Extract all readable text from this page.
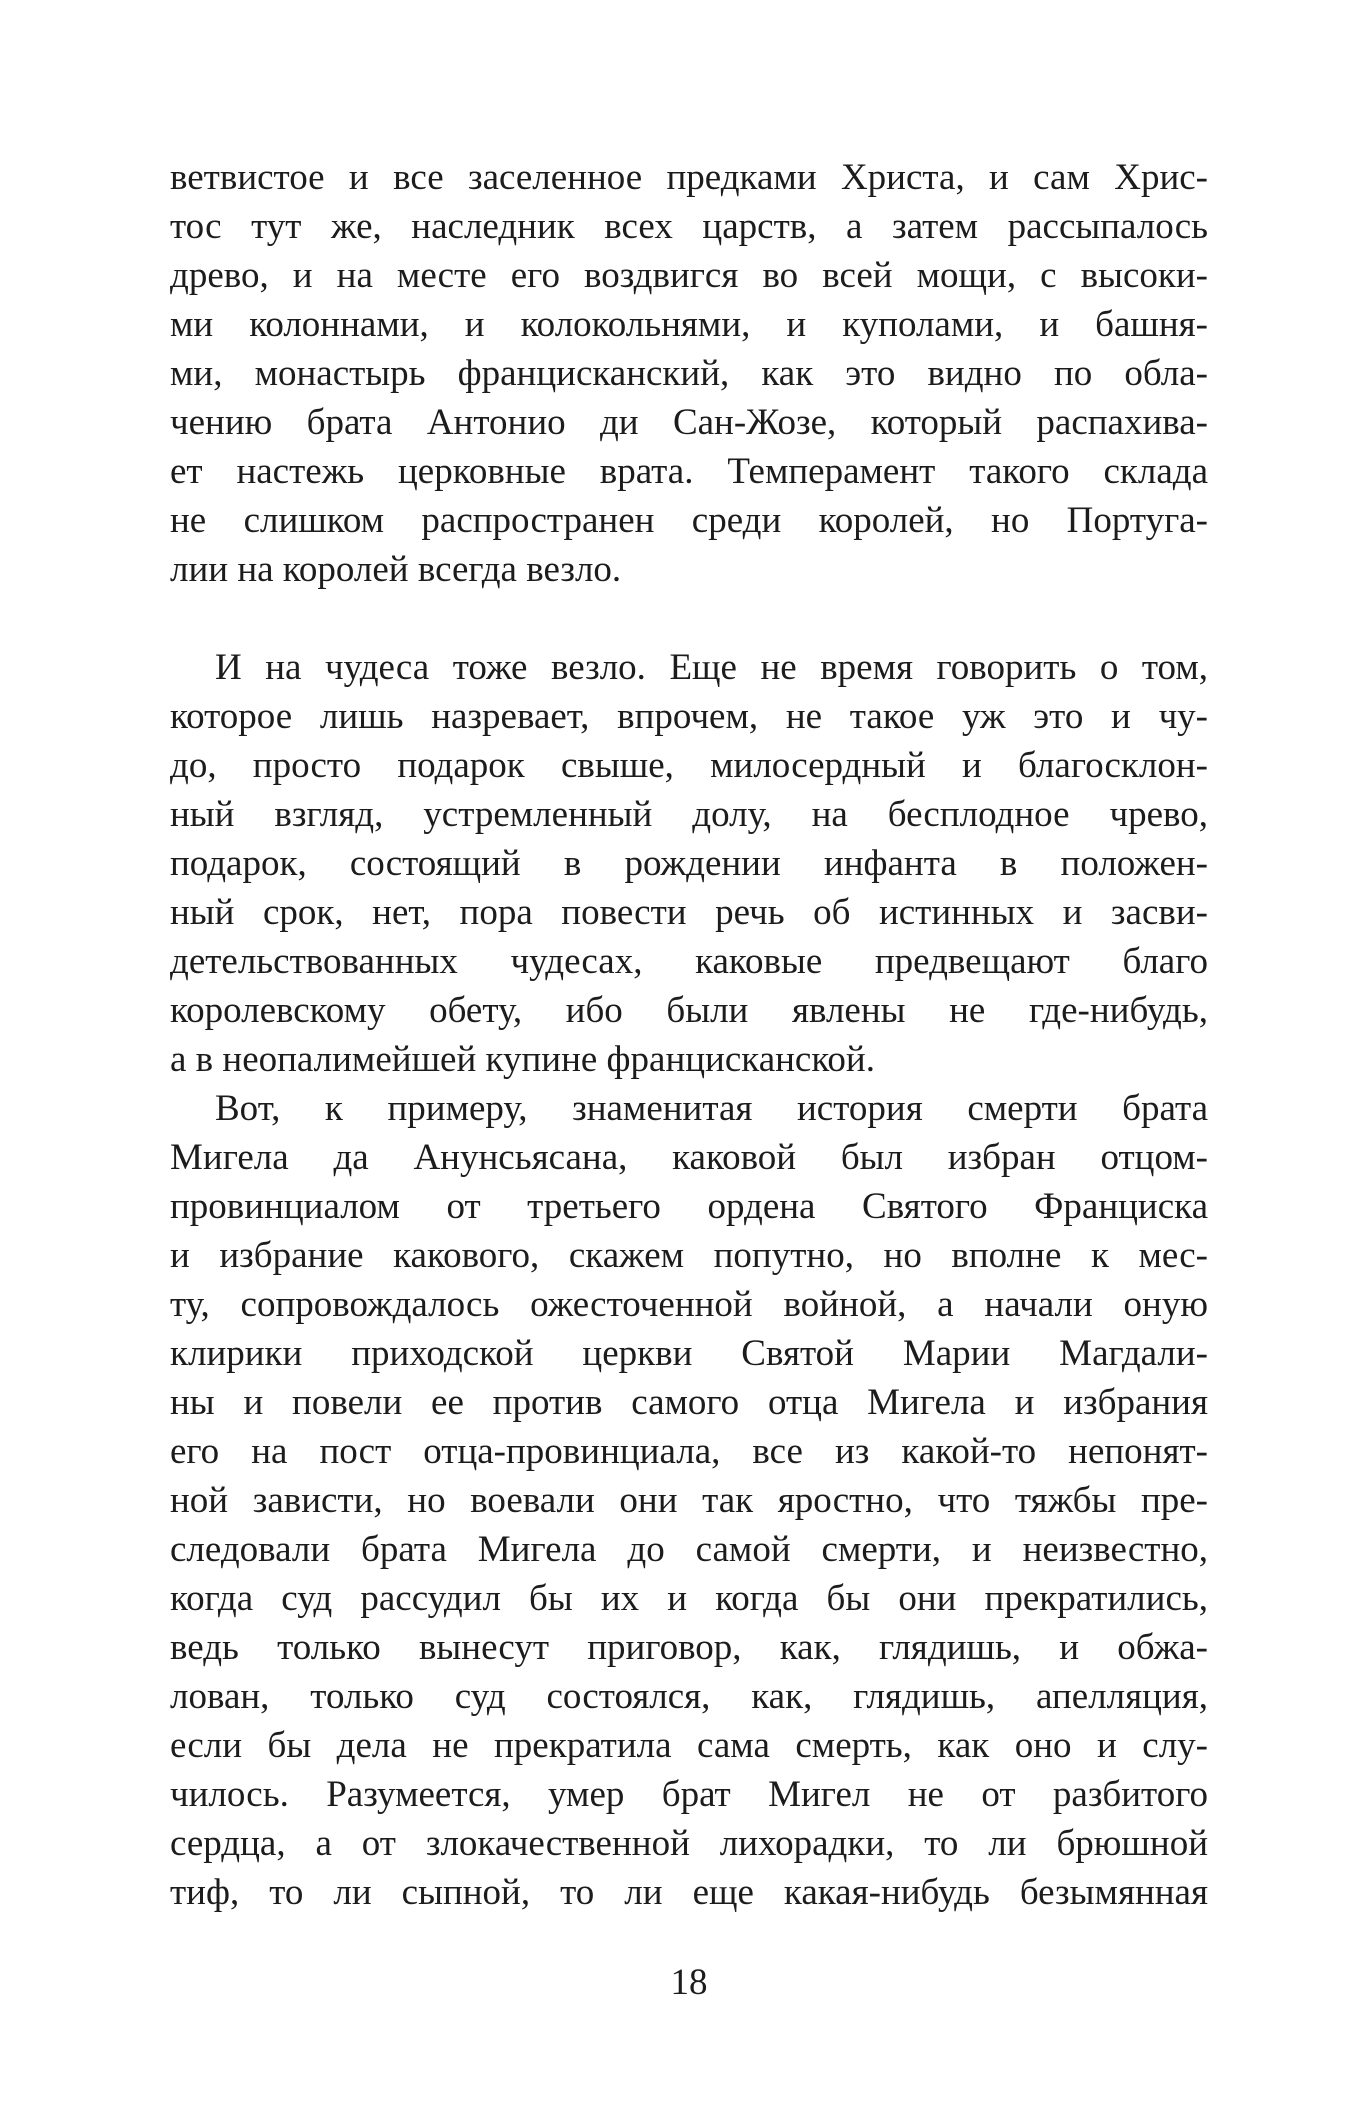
ветвистое и все заселенное предками Христа, и сам Хрис-
тос тут же, наследник всех царств, а затем рассыпалось
древо, и на месте его воздвигся во всей мощи, с высоки-
ми колоннами, и колокольнями, и куполами, и башня-
ми, монастырь францисканский, как это видно по обла-
чению брата Антонио ди Сан-Жозе, который распахива-
ет настежь церковные врата. Темперамент такого склада
не слишком распространен среди королей, но Португа-
лии на королей всегда везло.
И на чудеса тоже везло. Еще не время говорить о том,
которое лишь назревает, впрочем, не такое уж это и чу-
до, просто подарок свыше, милосердный и благосклон-
ный взгляд, устремленный долу, на бесплодное чрево,
подарок, состоящий в рождении инфанта в положен-
ный срок, нет, пора повести речь об истинных и засви-
детельствованных чудесах, каковые предвещают благо
королевскому обету, ибо были явлены не где-нибудь,
а в неопалимейшей купине францисканской.
Вот, к примеру, знаменитая история смерти брата
Мигела да Анунсьясана, каковой был избран отцом-
провинциалом от третьего ордена Святого Франциска
и избрание какового, скажем попутно, но вполне к мес-
ту, сопровождалось ожесточенной войной, а начали оную
клирики приходской церкви Святой Марии Магдали-
ны и повели ее против самого отца Мигела и избрания
его на пост отца-провинциала, все из какой-то непонят-
ной зависти, но воевали они так яростно, что тяжбы пре-
следовали брата Мигела до самой смерти, и неизвестно,
когда суд рассудил бы их и когда бы они прекратились,
ведь только вынесут приговор, как, глядишь, и обжа-
лован, только суд состоялся, как, глядишь, апелляция,
если бы дела не прекратила сама смерть, как оно и слу-
чилось. Разумеется, умер брат Мигел не от разбитого
сердца, а от злокачественной лихорадки, то ли брюшной
тиф, то ли сыпной, то ли еще какая-нибудь безымянная
18
